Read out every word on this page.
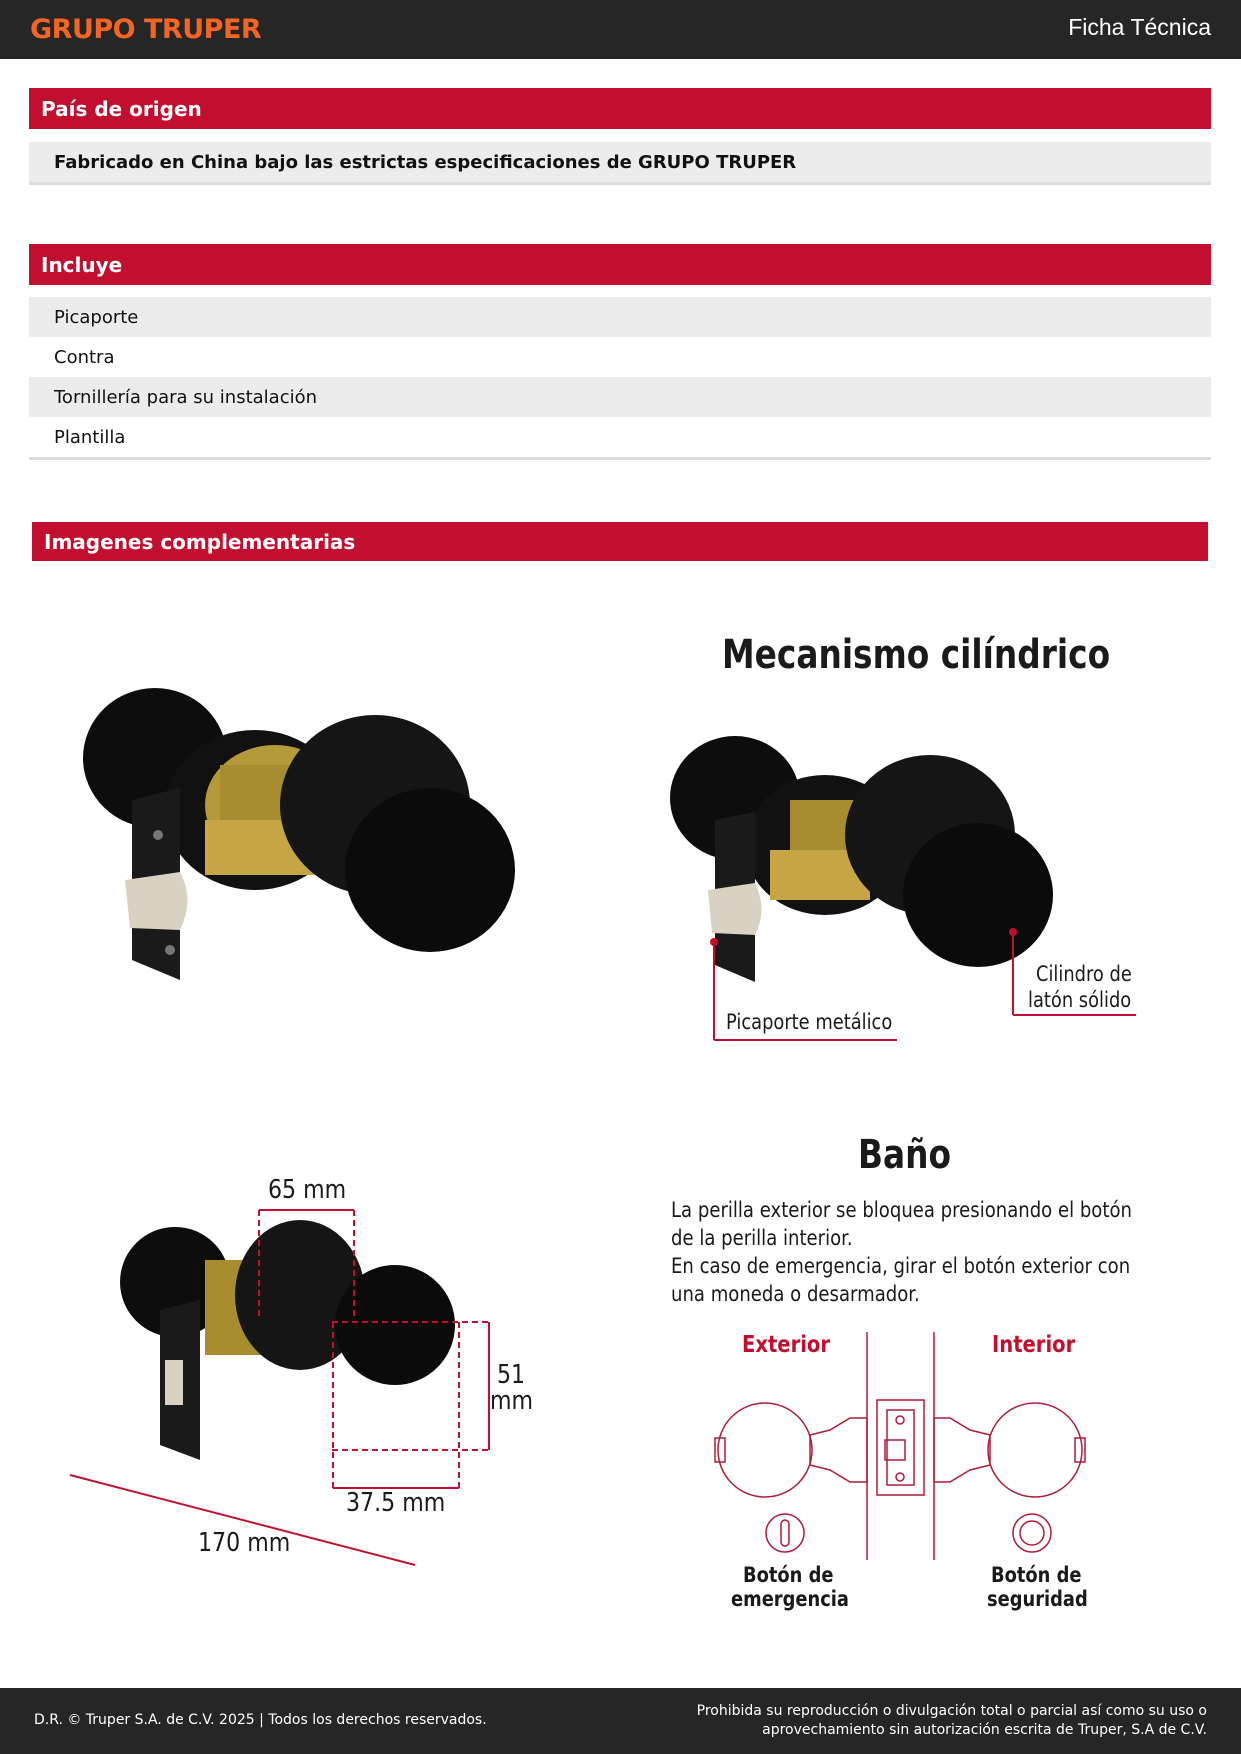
GRUPO TRUPER	Ficha Técnica
País de origen
Fabricado en China bajo las estrictas especificaciones de GRUPO TRUPER
Incluye
Picaporte
Contra
Tornillería para su instalación
Plantilla
Imagenes complementarias
Mecanismo cilíndrico
Picaporte metálico
Cilindro de
latón sólido
65 mm
51
mm
37.5 mm
170 mm
Baño
La perilla exterior se bloquea presionando el botón
de la perilla interior.
En caso de emergencia, girar el botón exterior con
una moneda o desarmador.
Exterior	Interior
Botón de
emergencia
Botón de
seguridad
D.R. © Truper S.A. de C.V. 2025 | Todos los derechos reservados.
Prohibida su reproducción o divulgación total o parcial así como su uso o
aprovechamiento sin autorización escrita de Truper, S.A de C.V.
